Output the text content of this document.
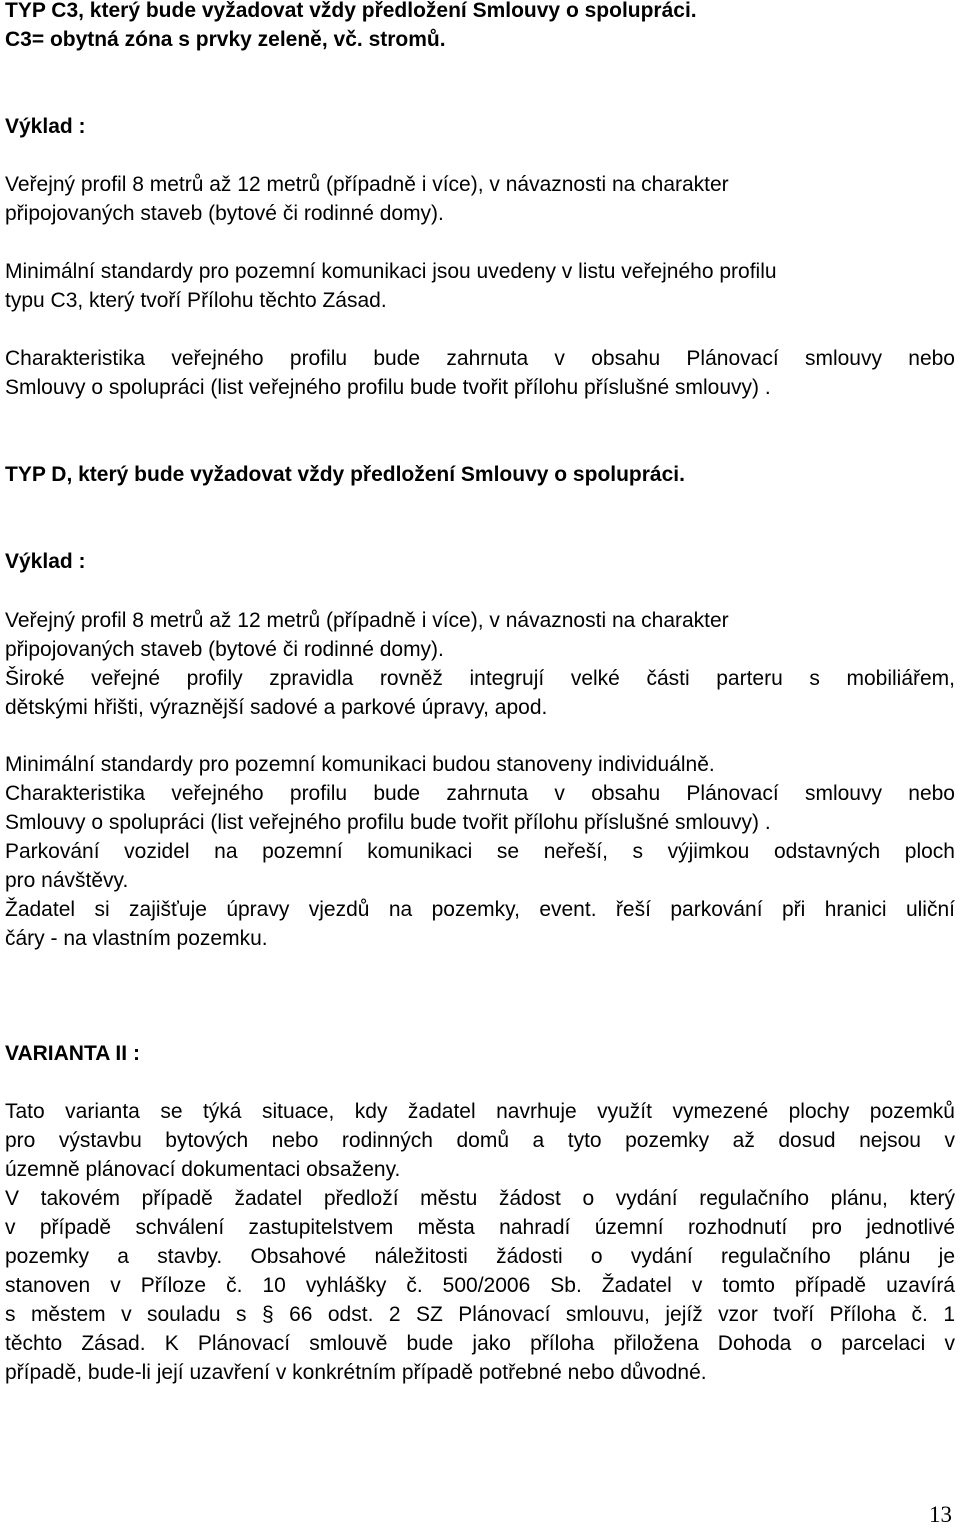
TYP C3, který bude vyžadovat vždy předložení Smlouvy o spolupráci.

C3= obytná zóna s prvky zeleně, vč. stromů.

Výklad :

Veřejný profil 8 metrů až 12 metrů (případně i více), v návaznosti na charakter

připojovaných staveb (bytové či rodinné domy).

Minimální standardy pro pozemní komunikaci jsou uvedeny v listu veřejného profilu

typu C3, který tvoří Přílohu těchto Zásad.

Charakteristika veřejného profilu bude zahrnuta v obsahu Plánovací smlouvy nebo

Smlouvy o spolupráci (list veřejného profilu bude tvořit přílohu příslušné smlouvy) .

TYP D, který bude vyžadovat vždy předložení Smlouvy o spolupráci.

Výklad :

Veřejný profil 8 metrů až 12 metrů (případně i více), v návaznosti na charakter

připojovaných staveb (bytové či rodinné domy).

Široké veřejné profily zpravidla rovněž integrují velké části parteru s mobiliářem,

dětskými hřišti, výraznější sadové a parkové úpravy, apod.

Minimální standardy pro pozemní komunikaci budou stanoveny individuálně.

Charakteristika veřejného profilu bude zahrnuta v obsahu Plánovací smlouvy nebo

Smlouvy o spolupráci (list veřejného profilu bude tvořit přílohu příslušné smlouvy) .

Parkování vozidel na pozemní komunikaci se neřeší, s výjimkou odstavných ploch

pro návštěvy.

Žadatel si zajišťuje úpravy vjezdů na pozemky, event. řeší parkování při hranici uliční

čáry - na vlastním pozemku.

VARIANTA II :

Tato varianta se týká situace, kdy žadatel navrhuje využít vymezené plochy pozemků

pro výstavbu bytových nebo rodinných domů a tyto pozemky až dosud nejsou v

územně plánovací dokumentaci obsaženy.

V takovém případě žadatel předloží městu žádost o vydání regulačního plánu, který

v případě schválení zastupitelstvem města nahradí územní rozhodnutí pro jednotlivé

pozemky a stavby. Obsahové náležitosti žádosti o vydání regulačního plánu je

stanoven v Příloze č. 10 vyhlášky č. 500/2006 Sb. Žadatel v tomto případě uzavírá

s městem v souladu s § 66 odst. 2 SZ Plánovací smlouvu, jejíž vzor tvoří Příloha č. 1

těchto Zásad. K Plánovací smlouvě bude jako příloha přiložena Dohoda o parcelaci v

případě, bude-li její uzavření v konkrétním případě potřebné nebo důvodné.

13
